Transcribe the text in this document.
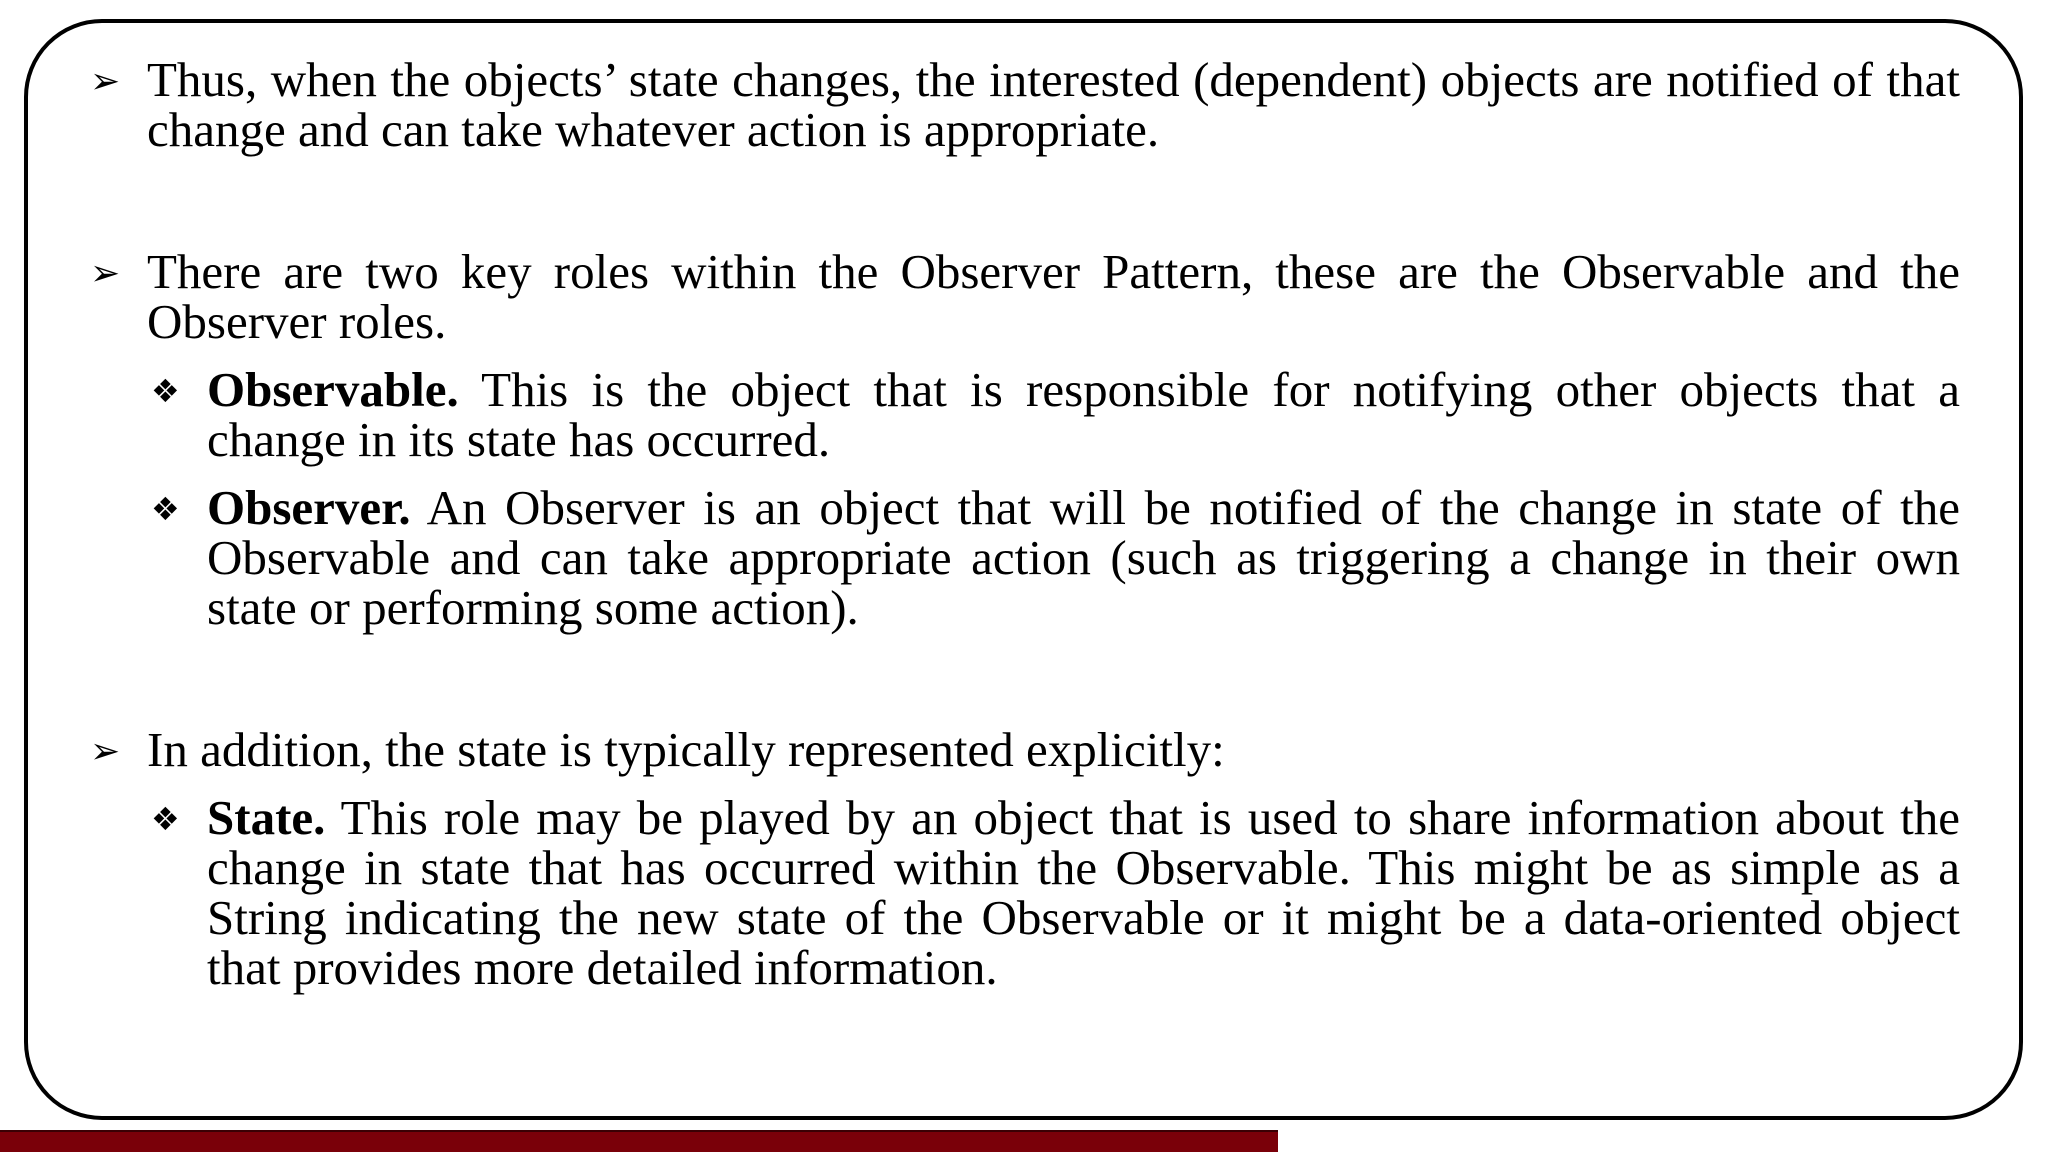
➢ Thus, when the objects’ state changes, the interested (dependent) objects are notified of that change and can take whatever action is appropriate.
➢ There are two key roles within the Observer Pattern, these are the Observable and the Observer roles.
❖ Observable. This is the object that is responsible for notifying other objects that a change in its state has occurred.
❖ Observer. An Observer is an object that will be notified of the change in state of the Observable and can take appropriate action (such as triggering a change in their own state or performing some action).
➢ In addition, the state is typically represented explicitly:
❖ State. This role may be played by an object that is used to share information about the change in state that has occurred within the Observable. This might be as simple as a String indicating the new state of the Observable or it might be a data-oriented object that provides more detailed information.
